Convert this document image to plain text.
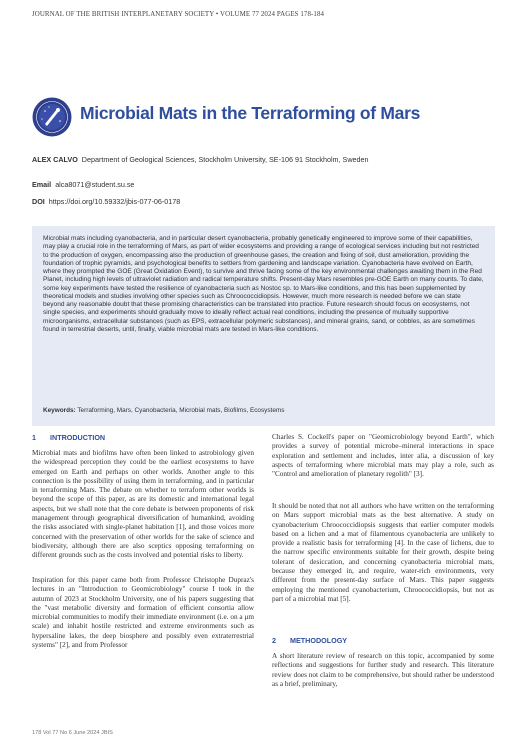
JOURNAL OF THE BRITISH INTERPLANETARY SOCIETY • VOLUME 77 2024 PAGES 178-184
Microbial Mats in the Terraforming of Mars
ALEX CALVO Department of Geological Sciences, Stockholm University, SE-106 91 Stockholm, Sweden
Email alca8071@student.su.se
DOI https://doi.org/10.59332/jbis-077-06-0178
Microbial mats including cyanobacteria, and in particular desert cyanobacteria, probably genetically engineered to improve some of their capabilities, may play a crucial role in the terraforming of Mars, as part of wider ecosystems and providing a range of ecological services including but not restricted to the production of oxygen, encompassing also the production of greenhouse gases, the creation and fixing of soil, dust amelioration, providing the foundation of trophic pyramids, and psychological benefits to settlers from gardening and landscape variation. Cyanobacteria have evolved on Earth, where they prompted the GOE (Great Oxidation Event), to survive and thrive facing some of the key environmental challenges awaiting them in the Red Planet, including high levels of ultraviolet radiation and radical temperature shifts. Present-day Mars resembles pre-GOE Earth on many counts. To date, some key experiments have tested the resilience of cyanobacteria such as Nostoc sp. to Mars-like conditions, and this has been supplemented by theoretical models and studies involving other species such as Chroococcidiopsis. However, much more research is needed before we can state beyond any reasonable doubt that these promising characteristics can be translated into practice. Future research should focus on ecosystems, not single species, and experiments should gradually move to ideally reflect actual real conditions, including the presence of mutually supportive microorganisms, extracellular substances (such as EPS, extracellular polymeric substances), and mineral grains, sand, or cobbles, as are sometimes found in terrestrial deserts, until, finally, viable microbial mats are tested in Mars-like conditions.
Keywords: Terraforming, Mars, Cyanobacteria, Microbial mats, Biofilms, Ecosystems
1 INTRODUCTION

Microbial mats and biofilms have often been linked to astrobiology given the widespread perception they could be the earliest ecosystems to have emerged on Earth and perhaps on other worlds. Another angle to this connection is the possibility of using them in terraforming, and in particular in terraforming Mars. The debate on whether to terraform other worlds is beyond the scope of this paper, as are its domestic and international legal aspects, but we shall note that the core debate is between proponents of risk management through geographical diversification of humankind, avoiding the risks associated with single-planet habitation [1], and those voices more concerned with the preservation of other worlds for the sake of science and biodiversity, although there are also sceptics opposing terraforming on different grounds such as the costs involved and potential risks to liberty.

Inspiration for this paper came both from Professor Christophe Dupraz's lectures in an "Introduction to Geomicrobiology" course I took in the autumn of 2023 at Stockholm University, one of his papers suggesting that the "vast metabolic diversity and formation of efficient consortia allow microbial communities to modify their immediate environment (i.e. on a μm scale) and inhabit hostile restricted and extreme environments such as hypersaline lakes, the deep biosphere and possibly even extraterrestrial systems" [2], and from Professor

Charles S. Cockell's paper on "Geomicrobiology beyond Earth", which provides a survey of potential microbe–mineral interactions in space exploration and settlement and includes, inter alia, a discussion of key aspects of terraforming where microbial mats may play a role, such as "Control and amelioration of planetary regolith" [3].

It should be noted that not all authors who have written on the terraforming on Mars support microbial mats as the best alternative. A study on cyanobacterium Chroococcidiopsis suggests that earlier computer models based on a lichen and a mat of filamentous cyanobacteria are unlikely to provide a realistic basis for terraforming [4]. In the case of lichens, due to the narrow specific environments suitable for their growth, despite being tolerant of desiccation, and concerning cyanobacteria microbial mats, because they emerged in, and require, water-rich environments, very different from the present-day surface of Mars. This paper suggests employing the mentioned cyanobacterium, Chroococcidiopsis, but not as part of a microbial mat [5].

2 METHODOLOGY

A short literature review of research on this topic, accompanied by some reflections and suggestions for further study and research. This literature review does not claim to be comprehensive, but should rather be understood as a brief, preliminary,

178 Vol 77 No 6 June 2024 JBIS
